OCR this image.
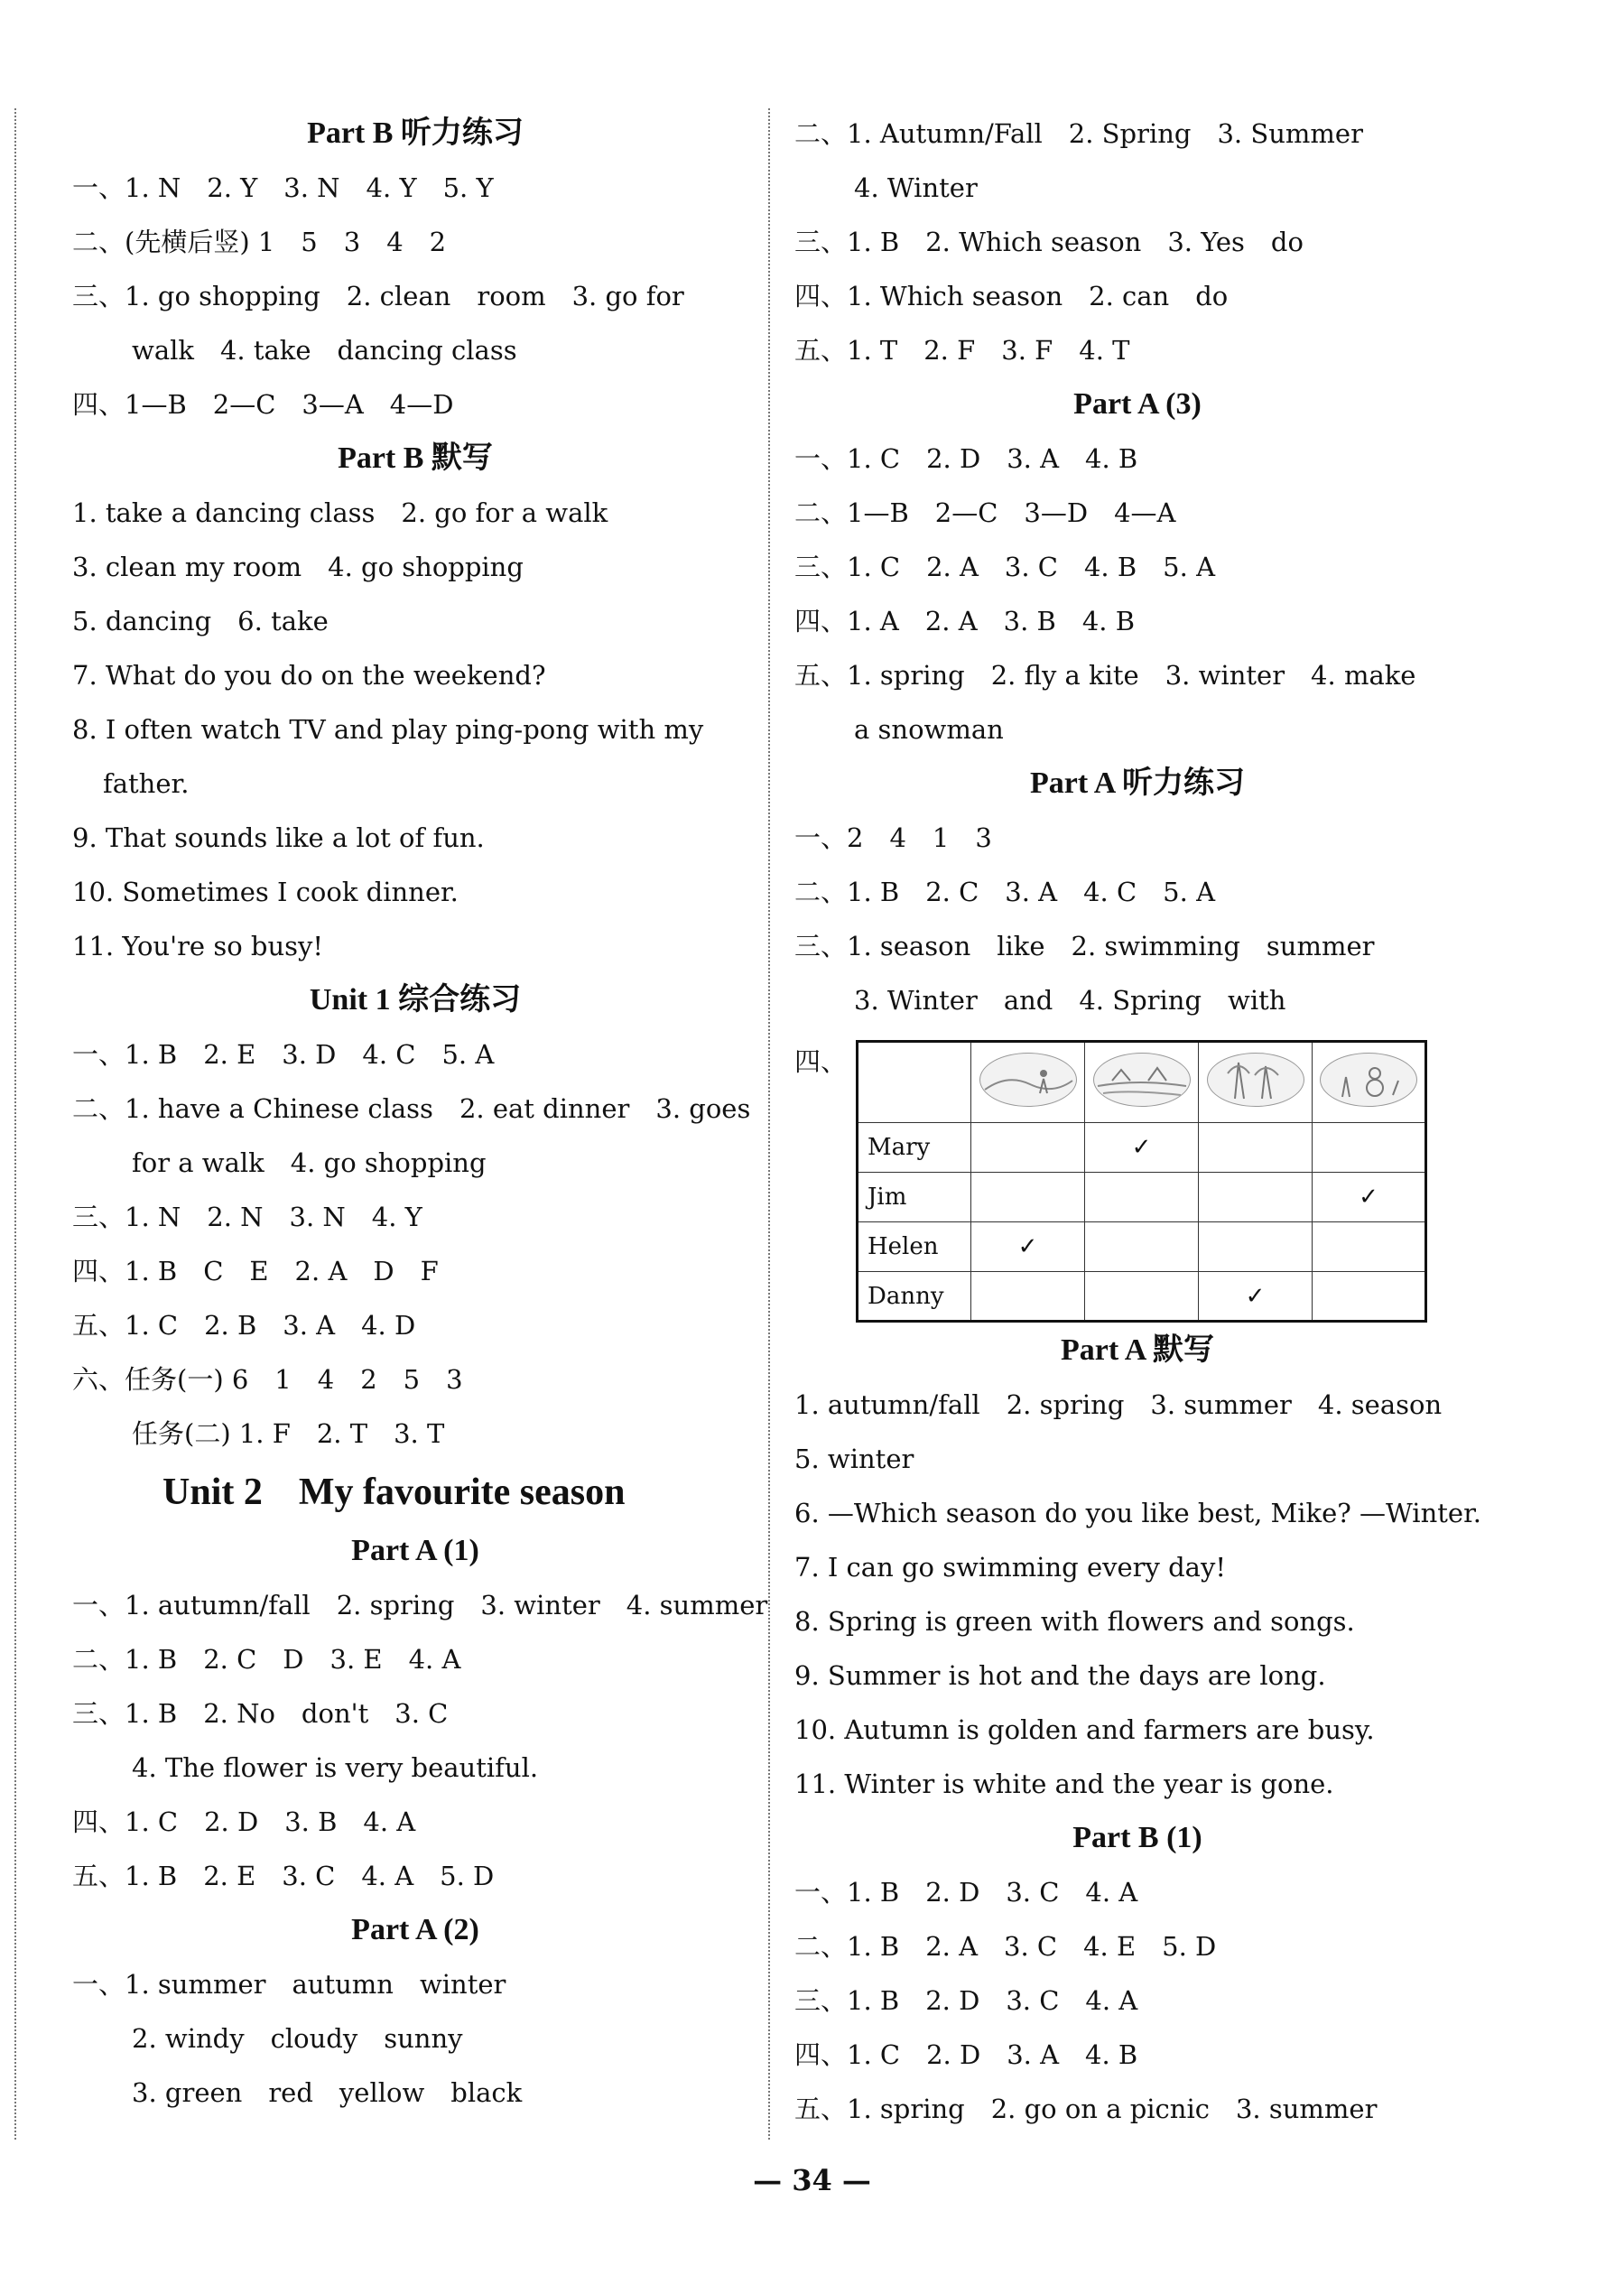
Part B 听力练习
一、1. N　2. Y　3. N　4. Y　5. Y
二、(先横后竖) 1　5　3　4　2
三、1. go shopping　2. clean　room　3. go for
walk　4. take　dancing class
四、1—B　2—C　3—A　4—D
Part B 默写
1. take a dancing class　2. go for a walk
3. clean my room　4. go shopping
5. dancing　6. take
7. What do you do on the weekend?
8. I often watch TV and play ping-pong with my
father.
9. That sounds like a lot of fun.
10. Sometimes I cook dinner.
11. You're so busy!
Unit 1 综合练习
一、1. B　2. E　3. D　4. C　5. A
二、1. have a Chinese class　2. eat dinner　3. goes
for a walk　4. go shopping
三、1. N　2. N　3. N　4. Y
四、1. B　C　E　2. A　D　F
五、1. C　2. B　3. A　4. D
六、任务(一) 6　1　4　2　5　3
任务(二) 1. F　2. T　3. T
Unit 2 My favourite season
Part A (1)
一、1. autumn/fall　2. spring　3. winter　4. summer
二、1. B　2. C　D　3. E　4. A
三、1. B　2. No　don't　3. C
4. The flower is very beautiful.
四、1. C　2. D　3. B　4. A
五、1. B　2. E　3. C　4. A　5. D
Part A (2)
一、1. summer　autumn　winter
2. windy　cloudy　sunny
3. green　red　yellow　black
二、1. Autumn/Fall　2. Spring　3. Summer
4. Winter
三、1. B　2. Which season　3. Yes　do
四、1. Which season　2. can　do
五、1. T　2. F　3. F　4. T
Part A (3)
一、1. C　2. D　3. A　4. B
二、1—B　2—C　3—D　4—A
三、1. C　2. A　3. C　4. B　5. A
四、1. A　2. A　3. B　4. B
五、1. spring　2. fly a kite　3. winter　4. make
a snowman
Part A 听力练习
一、2　4　1　3
二、1. B　2. C　3. A　4. C　5. A
三、1. season　like　2. swimming　summer
3. Winter　and　4. Spring　with
四、

Mary		✓		
Jim				✓
Helen	✓			
Danny			✓	
Part A 默写
1. autumn/fall　2. spring　3. summer　4. season
5. winter
6. —Which season do you like best, Mike? —Winter.
7. I can go swimming every day!
8. Spring is green with flowers and songs.
9. Summer is hot and the days are long.
10. Autumn is golden and farmers are busy.
11. Winter is white and the year is gone.
Part B (1)
一、1. B　2. D　3. C　4. A
二、1. B　2. A　3. C　4. E　5. D
三、1. B　2. D　3. C　4. A
四、1. C　2. D　3. A　4. B
五、1. spring　2. go on a picnic　3. summer
— 34 —
